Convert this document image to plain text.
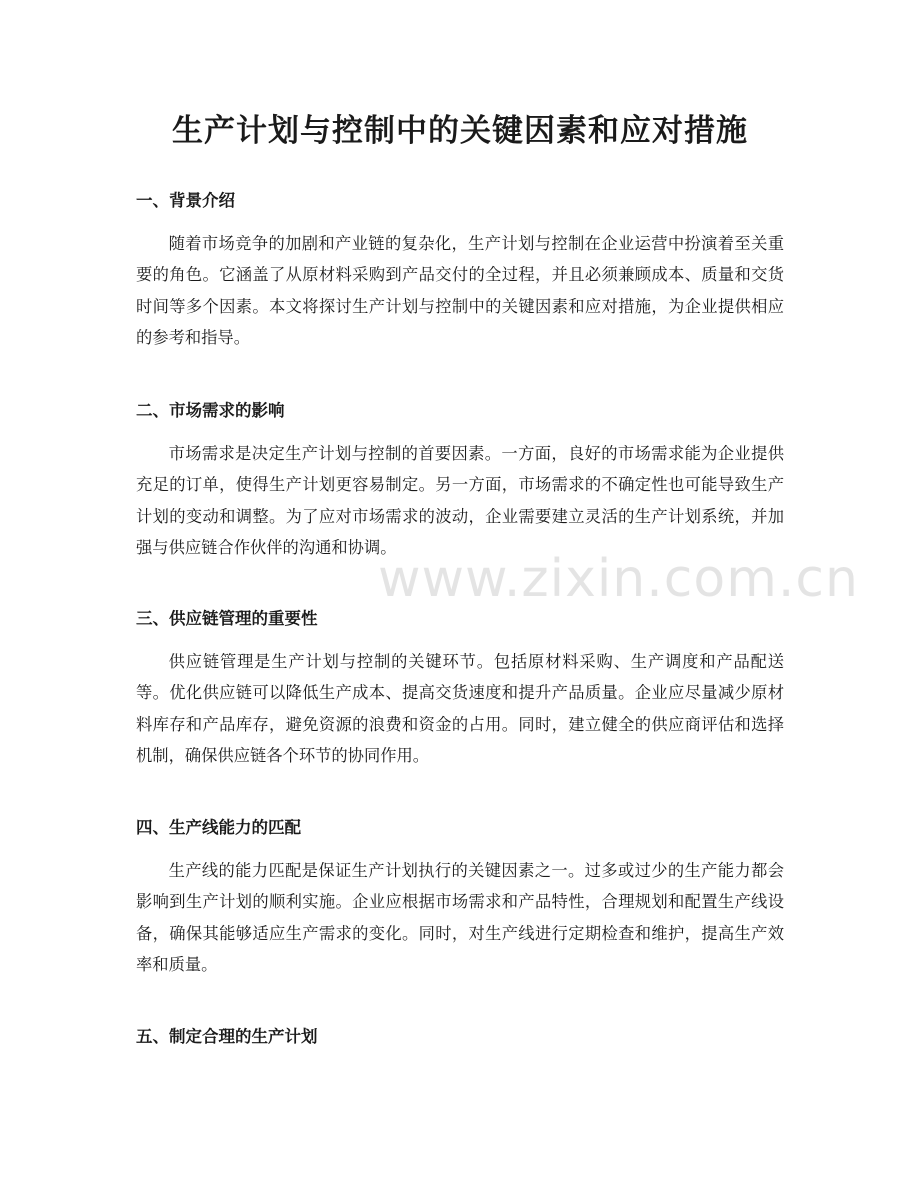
生产计划与控制中的关键因素和应对措施
一、背景介绍

随着市场竞争的加剧和产业链的复杂化，生产计划与控制在企业运营中扮演着至关重要的角色。它涵盖了从原材料采购到产品交付的全过程，并且必须兼顾成本、质量和交货时间等多个因素。本文将探讨生产计划与控制中的关键因素和应对措施，为企业提供相应的参考和指导。

二、市场需求的影响

市场需求是决定生产计划与控制的首要因素。一方面，良好的市场需求能为企业提供充足的订单，使得生产计划更容易制定。另一方面，市场需求的不确定性也可能导致生产计划的变动和调整。为了应对市场需求的波动，企业需要建立灵活的生产计划系统，并加强与供应链合作伙伴的沟通和协调。

三、供应链管理的重要性

供应链管理是生产计划与控制的关键环节。包括原材料采购、生产调度和产品配送等。优化供应链可以降低生产成本、提高交货速度和提升产品质量。企业应尽量减少原材料库存和产品库存，避免资源的浪费和资金的占用。同时，建立健全的供应商评估和选择机制，确保供应链各个环节的协同作用。

四、生产线能力的匹配

生产线的能力匹配是保证生产计划执行的关键因素之一。过多或过少的生产能力都会影响到生产计划的顺利实施。企业应根据市场需求和产品特性，合理规划和配置生产线设备，确保其能够适应生产需求的变化。同时，对生产线进行定期检查和维护，提高生产效率和质量。

五、制定合理的生产计划
www.zixin.com.cn
